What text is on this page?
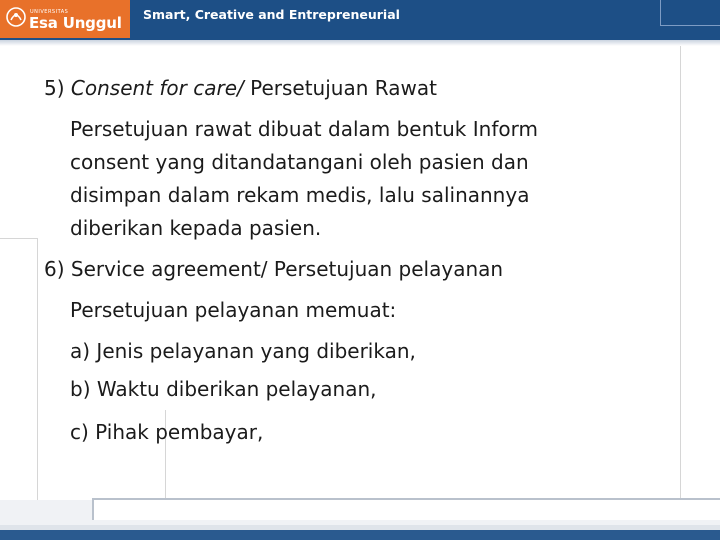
UNIVERSITAS
Esa Unggul Smart, Creative and Entrepreneurial
5) Consent for care/ Persetujuan Rawat
Persetujuan rawat dibuat dalam bentuk Inform
consent yang ditandatangani oleh pasien dan
disimpan dalam rekam medis, lalu salinannya
diberikan kepada pasien.
6) Service agreement/ Persetujuan pelayanan
Persetujuan pelayanan memuat:
a) Jenis pelayanan yang diberikan,
b) Waktu diberikan pelayanan,
c) Pihak pembayar,
